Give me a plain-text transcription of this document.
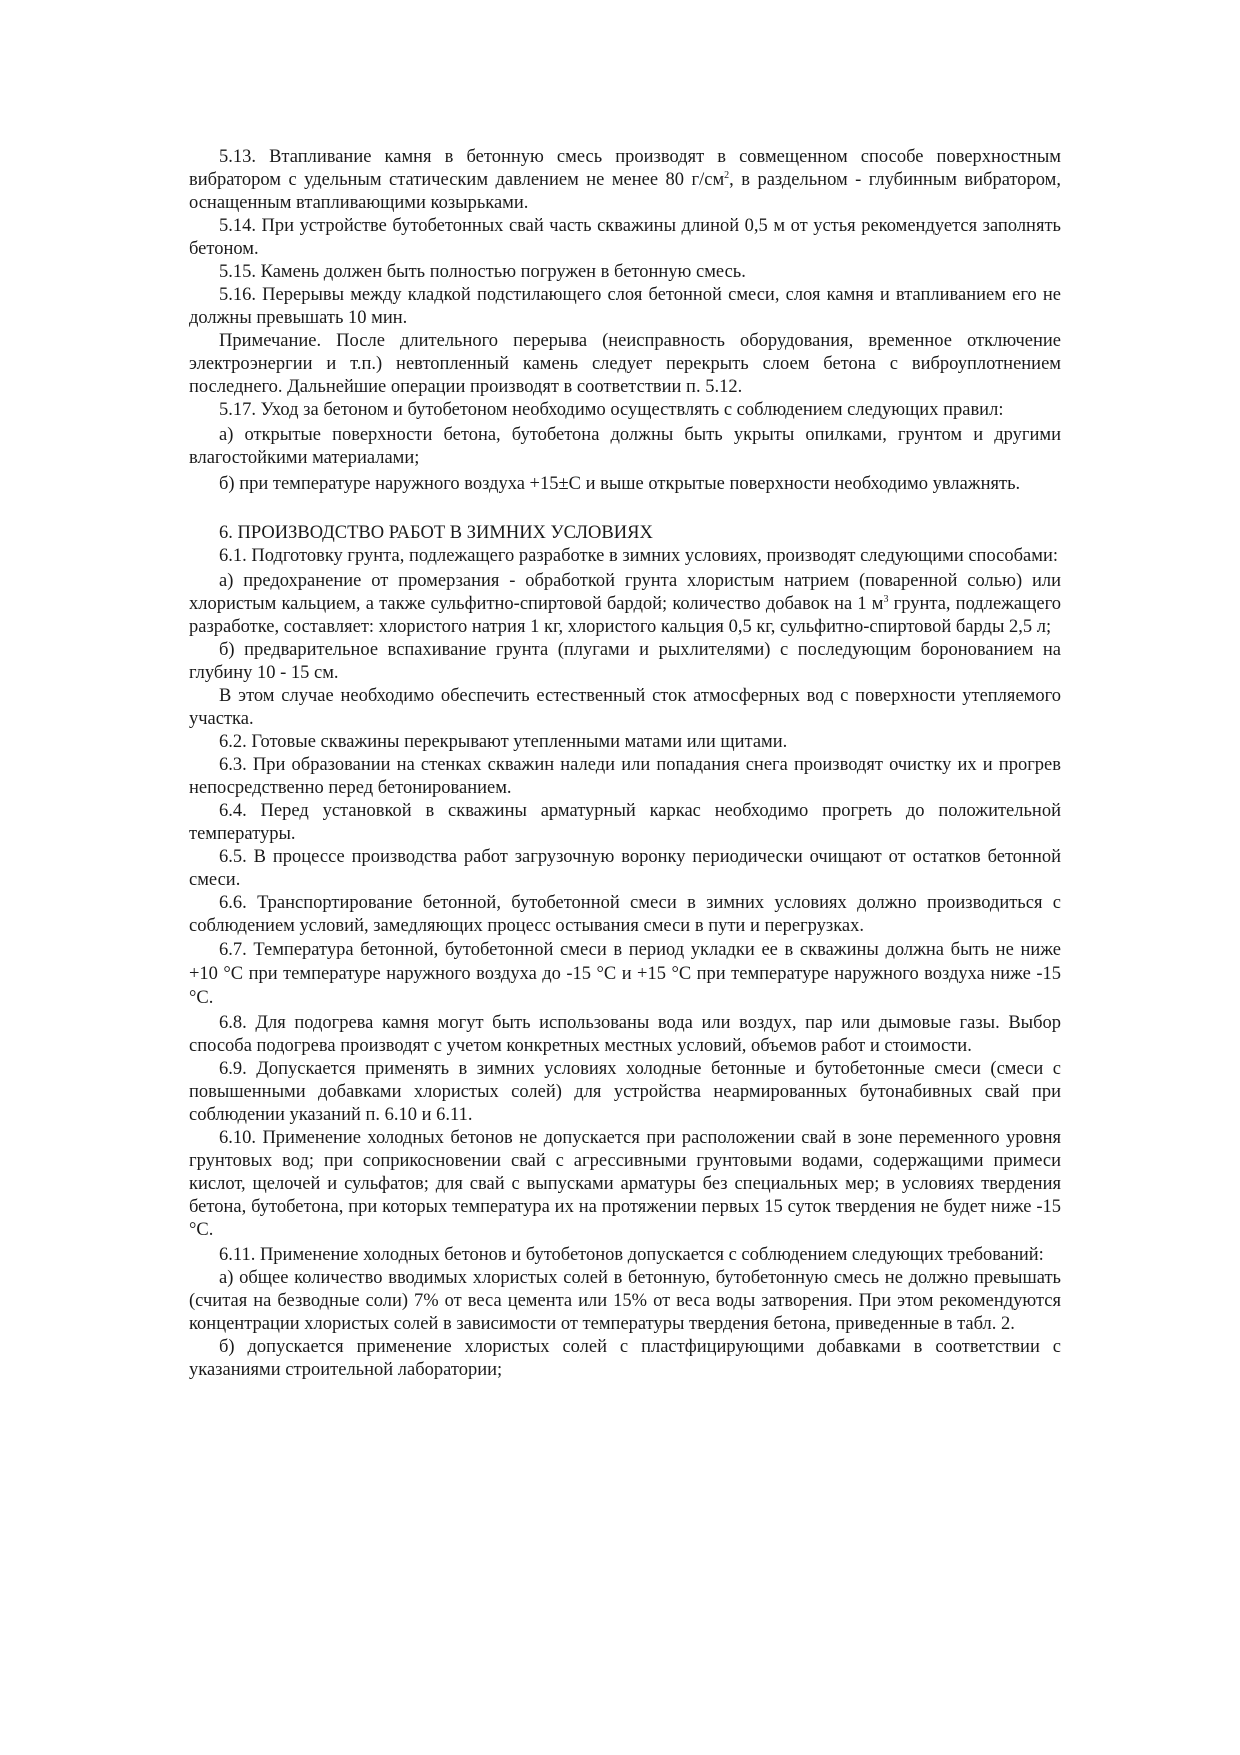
5.13. Втапливание камня в бетонную смесь производят в совмещенном способе поверхностным вибратором с удельным статическим давлением не менее 80 $г/см^2$, в раздельном - глубинным вибратором, оснащенным втапливающими козырьками.

5.14. При устройстве бутобетонных свай часть скважины длиной 0,5 м от устья рекомендуется заполнять бетоном.

5.15. Камень должен быть полностью погружен в бетонную смесь.

5.16. Перерывы между кладкой подстилающего слоя бетонной смеси, слоя камня и втапливанием его не должны превышать 10 мин.

Примечание. После длительного перерыва (неисправность оборудования, временное отключение электроэнергии и т.п.) невтопленный камень следует перекрыть слоем бетона с виброуплотнением последнего. Дальнейшие операции производят в соответствии п. 5.12.

5.17. Уход за бетоном и бутобетоном необходимо осуществлять с соблюдением следующих правил:

а) открытые поверхности бетона, бутобетона должны быть укрыты опилками, грунтом и другими влагостойкими материалами;

б) при температуре наружного воздуха +15±С и выше открытые поверхности необходимо увлажнять.

6. ПРОИЗВОДСТВО РАБОТ В ЗИМНИХ УСЛОВИЯХ

6.1. Подготовку грунта, подлежащего разработке в зимних условиях, производят следующими способами:

а) предохранение от промерзания - обработкой грунта хлористым натрием (поваренной солью) или хлористым кальцием, а также сульфитно-спиртовой бардой; количество добавок на 1 $м^3$ грунта, подлежащего разработке, составляет: хлористого натрия 1 кг, хлористого кальция 0,5 кг, сульфитно-спиртовой барды 2,5 л;

б) предварительное вспахивание грунта (плугами и рыхлителями) с последующим боронованием на глубину 10 - 15 см.

В этом случае необходимо обеспечить естественный сток атмосферных вод с поверхности утепляемого участка.

6.2. Готовые скважины перекрывают утепленными матами или щитами.

6.3. При образовании на стенках скважин наледи или попадания снега производят очистку их и прогрев непосредственно перед бетонированием.

6.4. Перед установкой в скважины арматурный каркас необходимо прогреть до положительной температуры.

6.5. В процессе производства работ загрузочную воронку периодически очищают от остатков бетонной смеси.

6.6. Транспортирование бетонной, бутобетонной смеси в зимних условиях должно производиться с соблюдением условий, замедляющих процесс остывания смеси в пути и перегрузках.

6.7. Температура бетонной, бутобетонной смеси в период укладки ее в скважины должна быть не ниже +10 °С при температуре наружного воздуха до -15 °С и +15 °С при температуре наружного воздуха ниже -15 °С.

6.8. Для подогрева камня могут быть использованы вода или воздух, пар или дымовые газы. Выбор способа подогрева производят с учетом конкретных местных условий, объемов работ и стоимости.

6.9. Допускается применять в зимних условиях холодные бетонные и бутобетонные смеси (смеси с повышенными добавками хлористых солей) для устройства неармированных бутонабивных свай при соблюдении указаний п. 6.10 и 6.11.

6.10. Применение холодных бетонов не допускается при расположении свай в зоне переменного уровня грунтовых вод; при соприкосновении свай с агрессивными грунтовыми водами, содержащими примеси кислот, щелочей и сульфатов; для свай с выпусками арматуры без специальных мер; в условиях твердения бетона, бутобетона, при которых температура их на протяжении первых 15 суток твердения не будет ниже -15 °С.

6.11. Применение холодных бетонов и бутобетонов допускается с соблюдением следующих требований:

а) общее количество вводимых хлористых солей в бетонную, бутобетонную смесь не должно превышать (считая на безводные соли) 7% от веса цемента или 15% от веса воды затворения. При этом рекомендуются концентрации хлористых солей в зависимости от температуры твердения бетона, приведенные в табл. 2.

б) допускается применение хлористых солей с пластфицирующими добавками в соответствии с указаниями строительной лаборатории;
